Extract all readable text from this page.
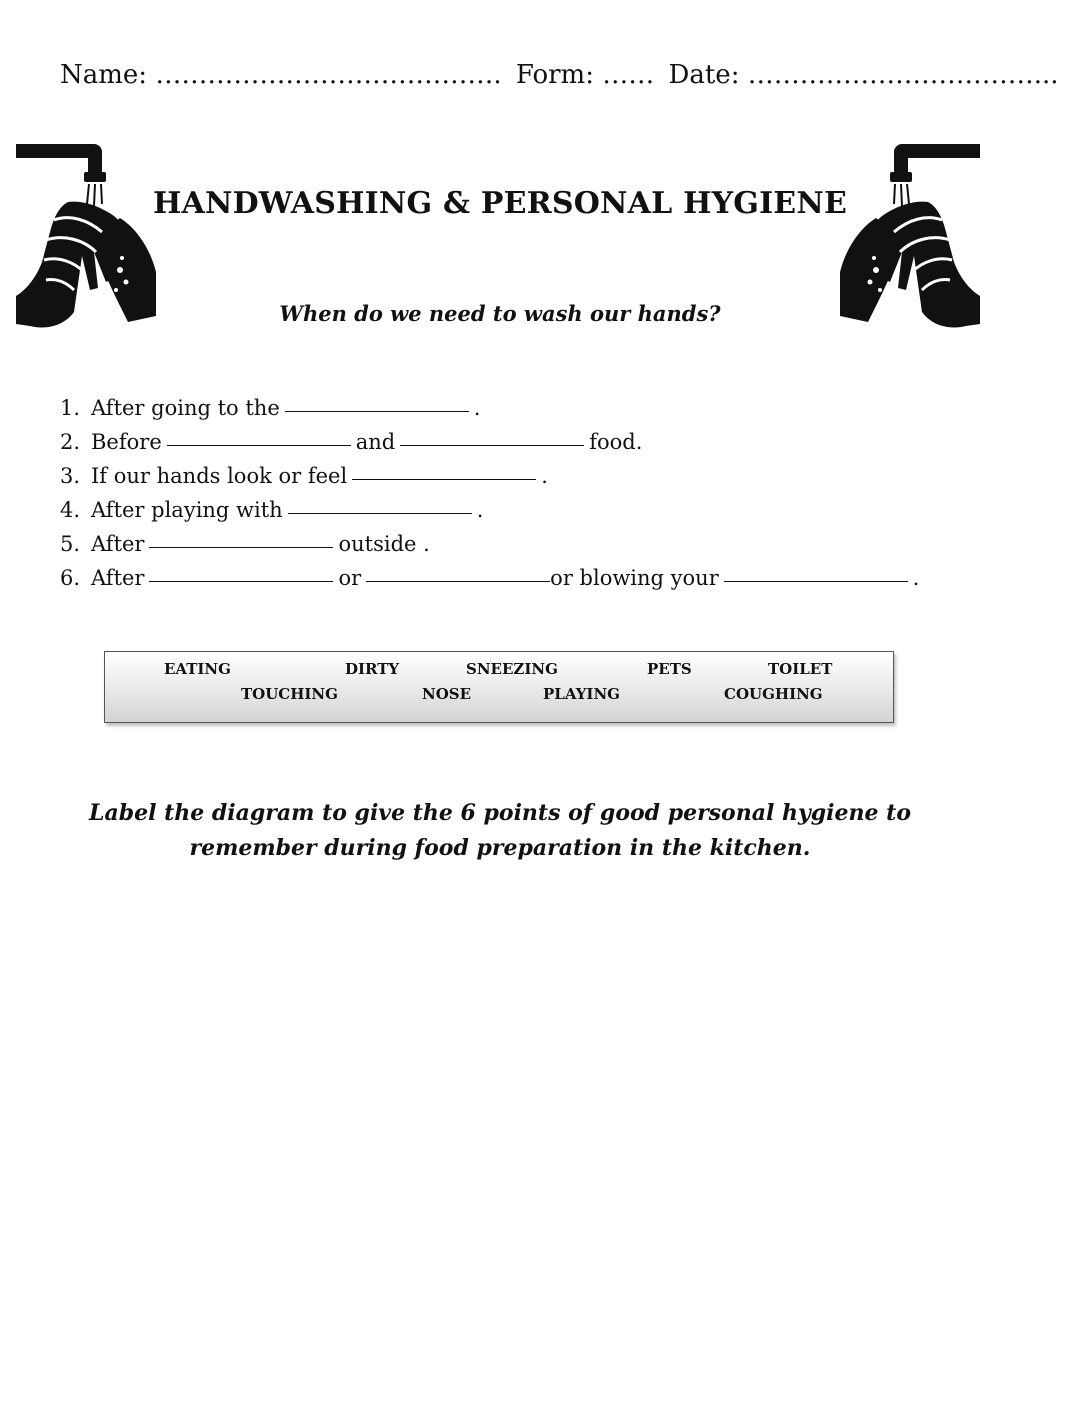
Name: …………………………………. Form: …… Date: ……………………………...
HANDWASHING & PERSONAL HYGIENE
When do we need to wash our hands?
1. After going to the	.
2. Before	and	food.
3. If our hands look or feel	.
4. After playing with	.
5. After	outside .
6. After	or	or blowing your	.
EATING	DIRTY	SNEEZING	PETS	TOILET
TOUCHING	NOSE	PLAYING	COUGHING
Label the diagram to give the 6 points of good personal hygiene to remember during food preparation in the kitchen.
